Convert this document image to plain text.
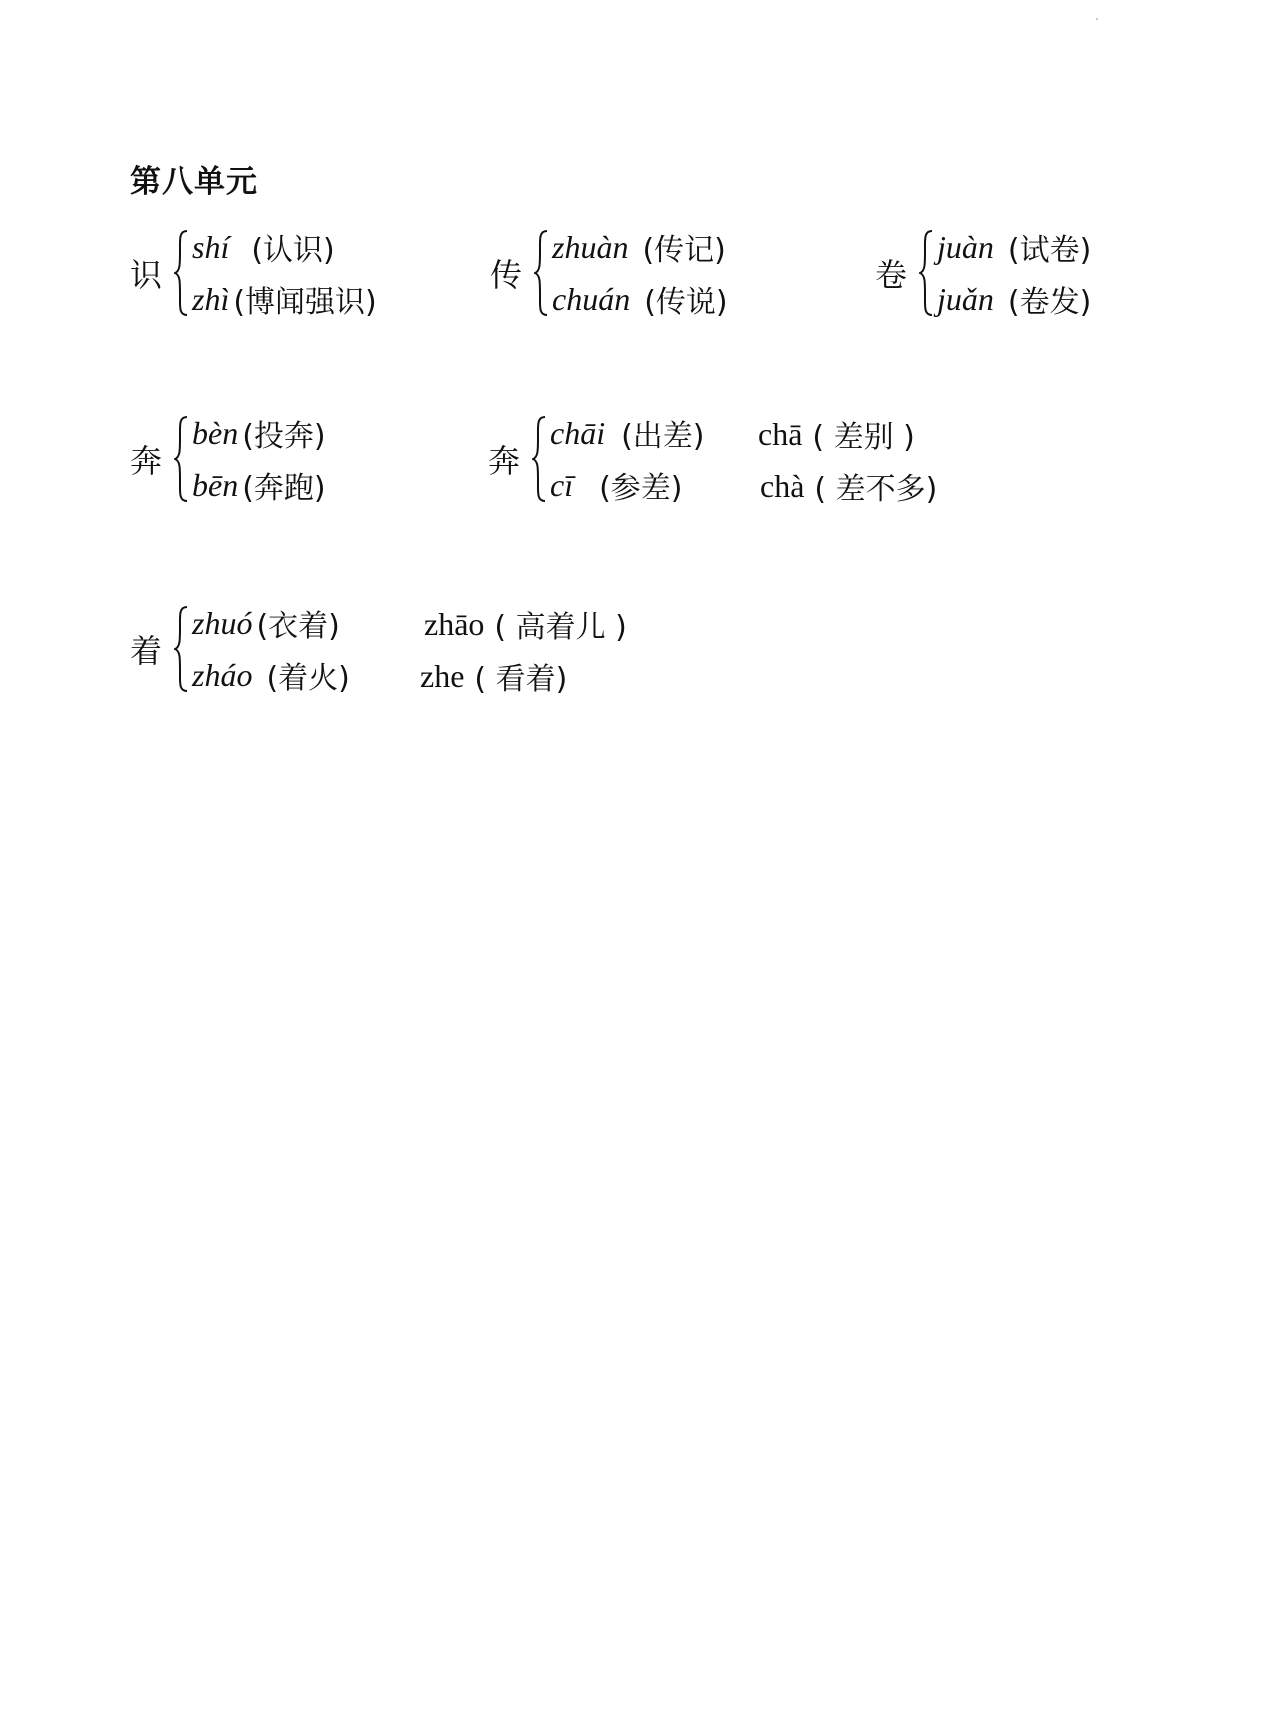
第八单元
识
shí (认识)
zhì (博闻强识)
传
zhuàn (传记)
chuán (传说)
卷
juàn (试卷)
juǎn (卷发)
奔
bèn (投奔)
bēn (奔跑)
奔
chāi (出差)
cī (参差)
chā ( 差别 )
chà ( 差不多)
着
zhuó (衣着)
zháo (着火)
zhāo ( 高着儿 )
zhe ( 看着)
